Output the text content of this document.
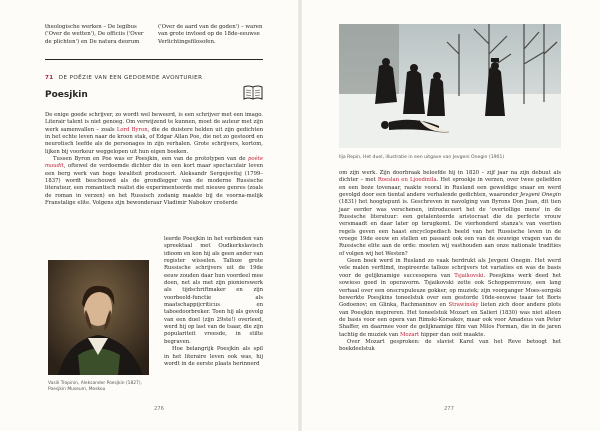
theologische werken – De legibus ('Over de wetten'), De officiis ('Over de plichten') en De natura deorum

('Over de aard van de goden') – waren van grote invloed op de 18de-eeuwse Verlichtingsfilosofen.

71 DE POËZIE VAN EEN GEDOEMDE AVONTURIER
Poesjkin

De enige goede schrijver, zo wordt wel beweerd, is een schrijver met een imago. Literair talent is niet genoeg. Om verwijzend te kunnen, moet de auteur met zijn werk samenvallen – zoals Lord Byron, die de duistere helden uit zijn gedichten in het echte leven naar de kroon stak, of Edgar Allan Poe, die net zo gestoord en neurotisch leefde als de personages in zijn verhalen. Grote schrijvers, kortom, lijken bij voorkeur weggelopen uit hun eigen boeken.

Tussen Byron en Poe was er Poesjkin, een van de prototypen van de poète maudit, oftewel de verdoemde dichter die in een kort maar spectaculair leven een berg werk van hoge kwaliteit produceert. Aleksandr Sergejevitsj (1799–1837) wordt beschouwd als de grondlegger van de moderne Russische literatuur, een romantisch realist die experimenteerde met nieuwe genres (zoals de roman in verzen) en het Russisch zodanig maakte bij de voorna-melijk Franstalige elite. Volgens zijn bewonderaar Vladimir Nabokov creëerde

Vasili Tropinin, Aleksander Poesjkin (1827), Poesjkin Museum, Moskou

leerde Poesjkin in het verbinden van spreektaal met Oudkerkslavisch idioom en kon hij als geen ander van register wisselen. Talloze grote Russische schrijvers uit de 19de eeuw zouden daar hun voordeel mee doen, net als met zijn pionierswerk als tijdschriftmaker en zijn voorbeeld-functie als maatschappijcriticus en taboedoorbreker. Toen hij als gevolg van een duel (zijn 29ste!) overleed, werd hij op last van de tsaar, die zijn populariteit vreesde, in stilte begraven.

Hoe belangrijk Poesjkin als spil in het literaire leven ook was, hij wordt in de eerste plaats herinnerd

276
Ilja Repin, Het duel, illustratie in een uitgave van Jevgeni Onegin (1901)

om zijn werk. Zijn doorbraak beleefde hij in 1820 – zijf jaar na zijn debuut als dichter – met Roeslan en Ljoedmila. Het sprookje in verzen, over twee geliefden en een boze tovenaar, raakte vooral in Rusland een geweldige snaar en werd gevolgd door een tiental andere verhalende gedichten, waaronder Jevgeni Onegin (1831) het hoogtepunt is. Geschreven in navolging van Byrons Don Juan, dit tien jaar eerder was verschenen, introduceert het de 'overtollige mens' in de Russische literatuur: een getalenteerde aristocraat die de perfecte vrouw versmaadt en daar later op terugkomt. De vierhonderd stanza's van veertien regels geven een haast encyclopedisch beeld van het Russische leven in de vroege 19de eeuw en stellen en passant ook een van de eeuwige vragen van de Russische elite aan de orde: moeten wij vasthouden aan onze nationale tradities of volgen wij het Westen?

Geen boek werd in Rusland zo vaak herdrukt als Jevgeni Onegin. Het werd vele malen verfilmd, inspireerde talloze schrijvers tot variaties en was de basis voor de gelijknamige succesopera van Tsjaikovski. Poesjkins werk deed het sowieso goed in operavorm. Tsjaikovski zette ook Schoppenvrouw, een lang verhaal over een onscrupuleuze gokker, op muziek; zijn voorganger Moes-sorgski bewerkte Poesjkins toneelstuk over een gestorde 16de-eeuwse tsaar tot Boris Godoenov; en Glinka, Rachmaninov en Strawinsky lieten zich door andere plots van Poesjkin inspireren. Het toneelstuk Mozart en Salieri (1830) was niet alleen de basis voor een opera van Rimski-Korsakov, maar ook voor Amadeus van Peter Shaffer, en daarmee voor de gelijknamige film van Milos Forman, die in de jaren tachtig de muziek van Mozart hipper dan ooit maakte.

Over Mozart gesproken: de slavist Karel van het Reve betoogt het boekdeelstuk

277
